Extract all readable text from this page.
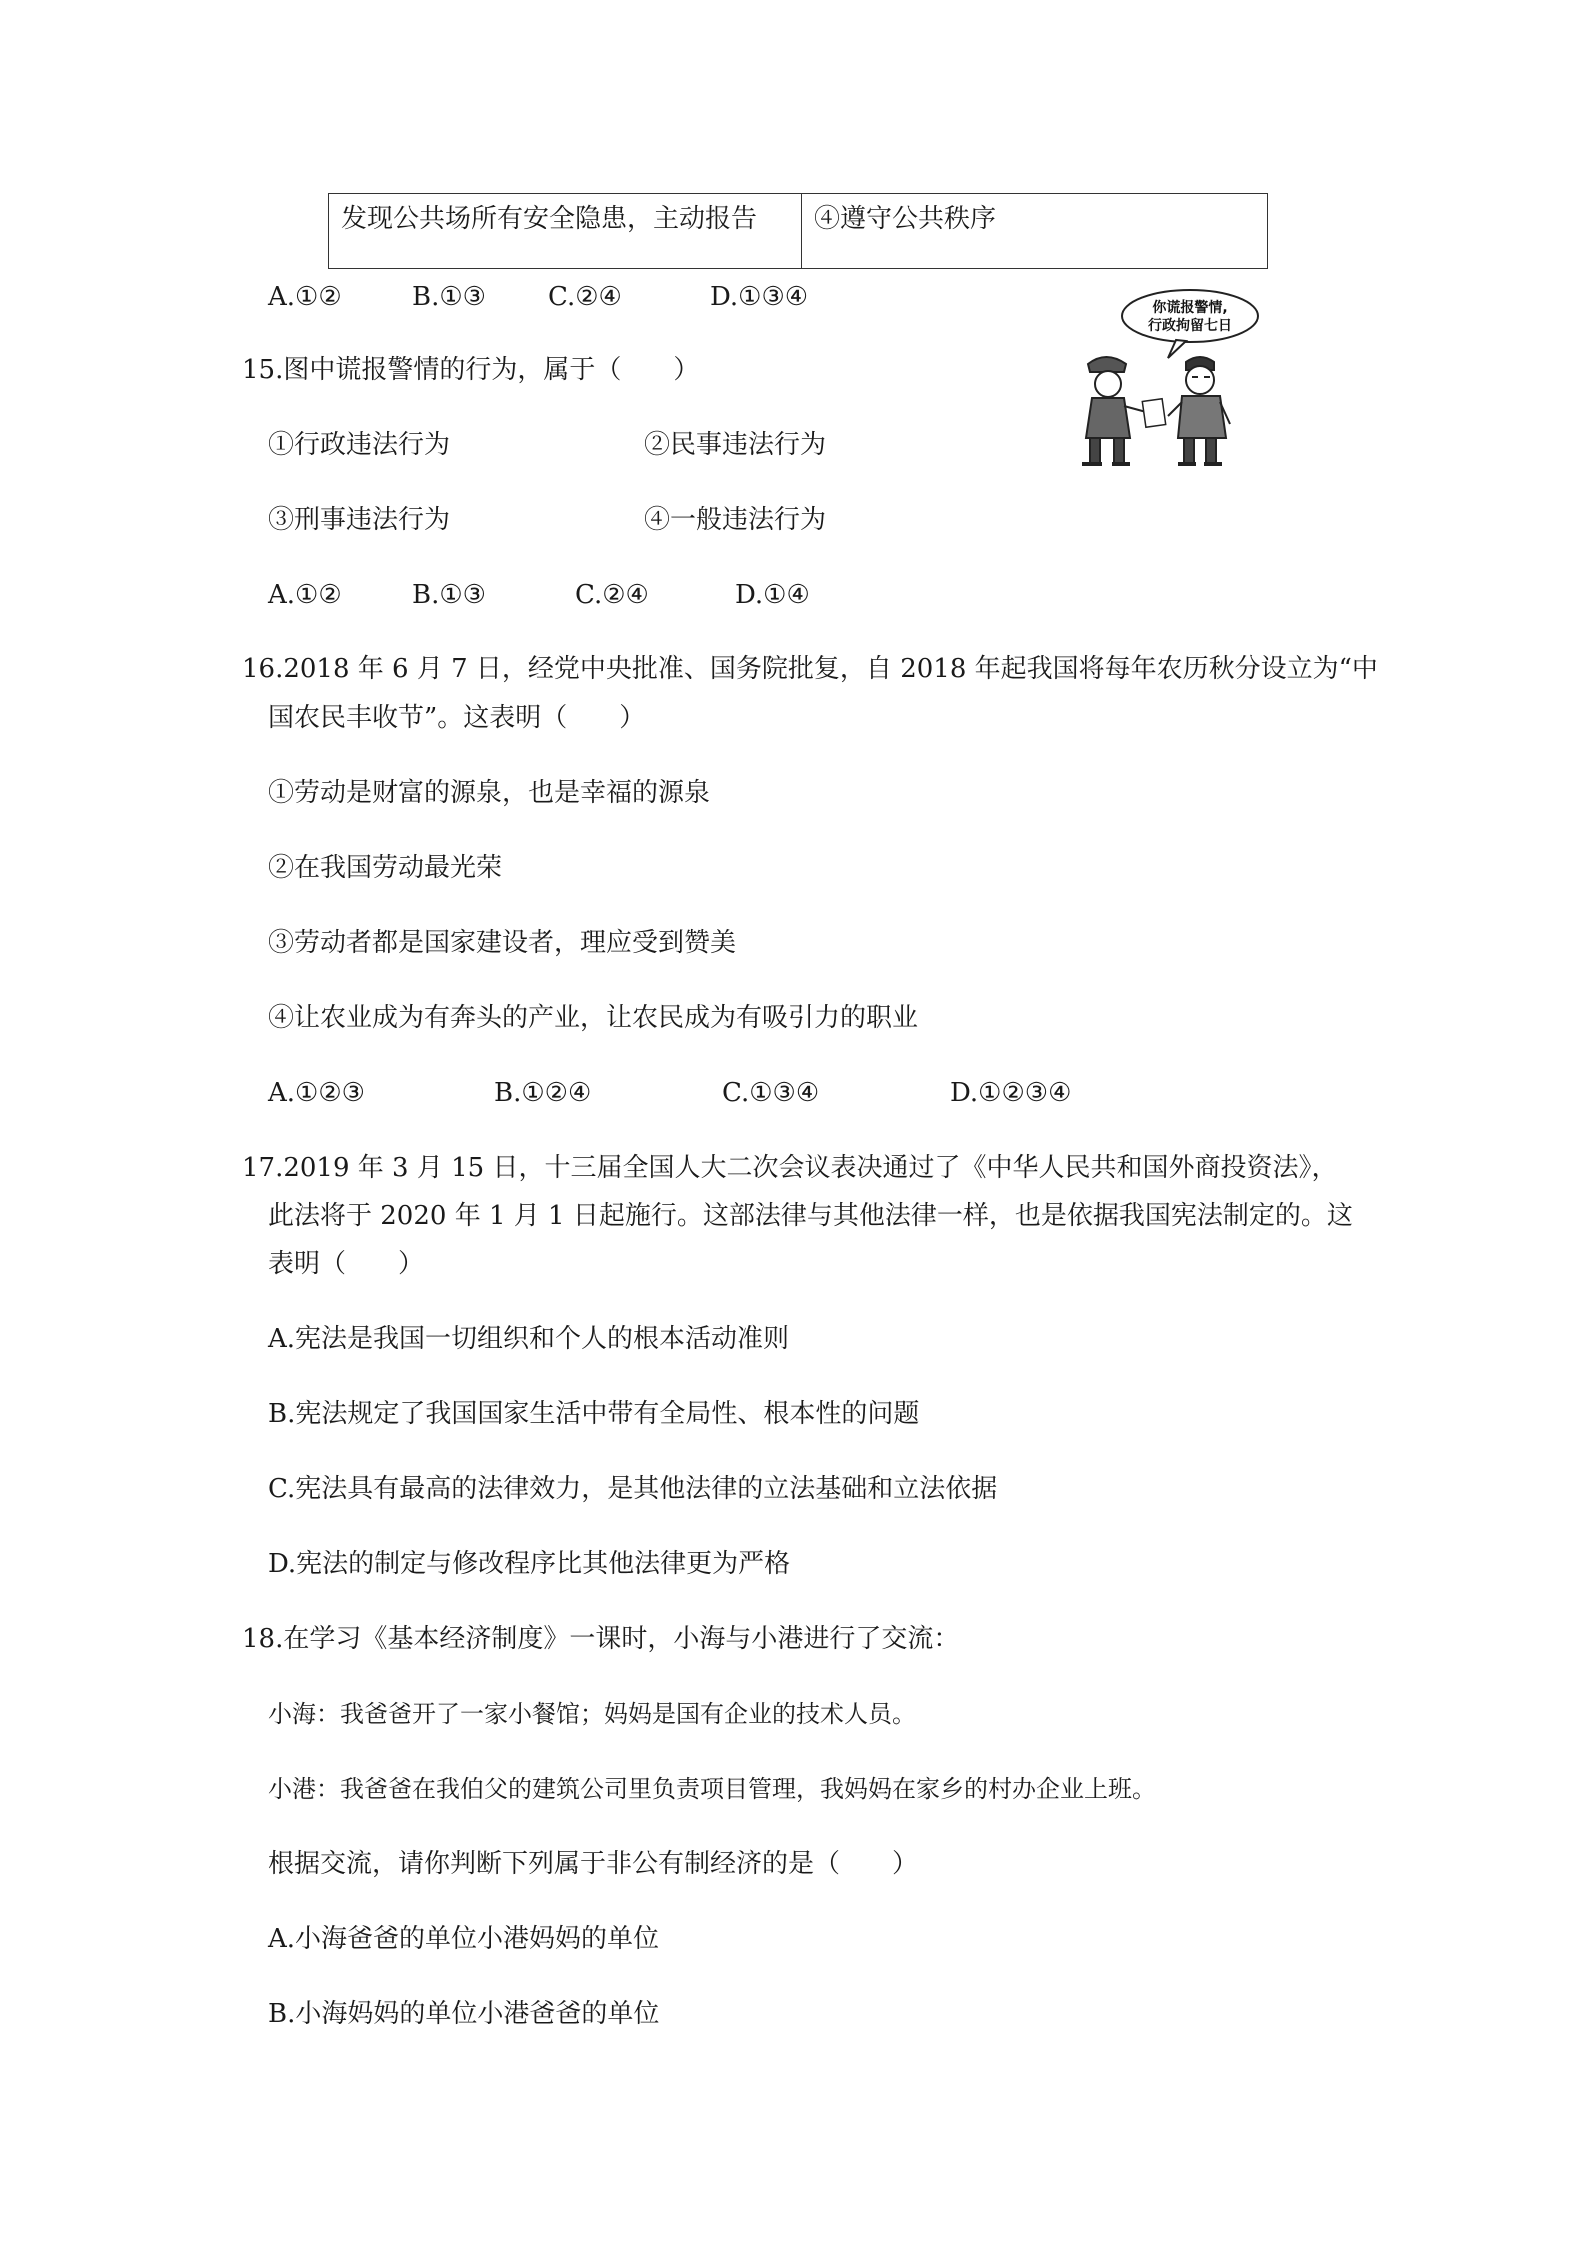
发现公共场所有安全隐患，主动报告	④遵守公共秩序
A.①②	B.①③ C.②④	D.①③④
15.图中谎报警情的行为，属于（　　）
①行政违法行为	②民事违法行为
③刑事违法行为	④一般违法行为
A.①②	B.①③	C.②④	D.①④
你谎报警情,
行政拘留七日
16.2018 年 6 月 7 日，经党中央批准、国务院批复，自 2018 年起我国将每年农历秋分设立为“中
国农民丰收节”。这表明（　　）
①劳动是财富的源泉，也是幸福的源泉
②在我国劳动最光荣
③劳动者都是国家建设者，理应受到赞美
④让农业成为有奔头的产业，让农民成为有吸引力的职业
A.①②③	B.①②④	C.①③④	D.①②③④
17.2019 年 3 月 15 日，十三届全国人大二次会议表决通过了《中华人民共和国外商投资法》，
此法将于 2020 年 1 月 1 日起施行。这部法律与其他法律一样，也是依据我国宪法制定的。这
表明（　　）
A.宪法是我国一切组织和个人的根本活动准则
B.宪法规定了我国国家生活中带有全局性、根本性的问题
C.宪法具有最高的法律效力，是其他法律的立法基础和立法依据
D.宪法的制定与修改程序比其他法律更为严格
18.在学习《基本经济制度》一课时，小海与小港进行了交流：
小海：我爸爸开了一家小餐馆；妈妈是国有企业的技术人员。
小港：我爸爸在我伯父的建筑公司里负责项目管理，我妈妈在家乡的村办企业上班。
根据交流，请你判断下列属于非公有制经济的是（　　）
A.小海爸爸的单位小港妈妈的单位
B.小海妈妈的单位小港爸爸的单位
